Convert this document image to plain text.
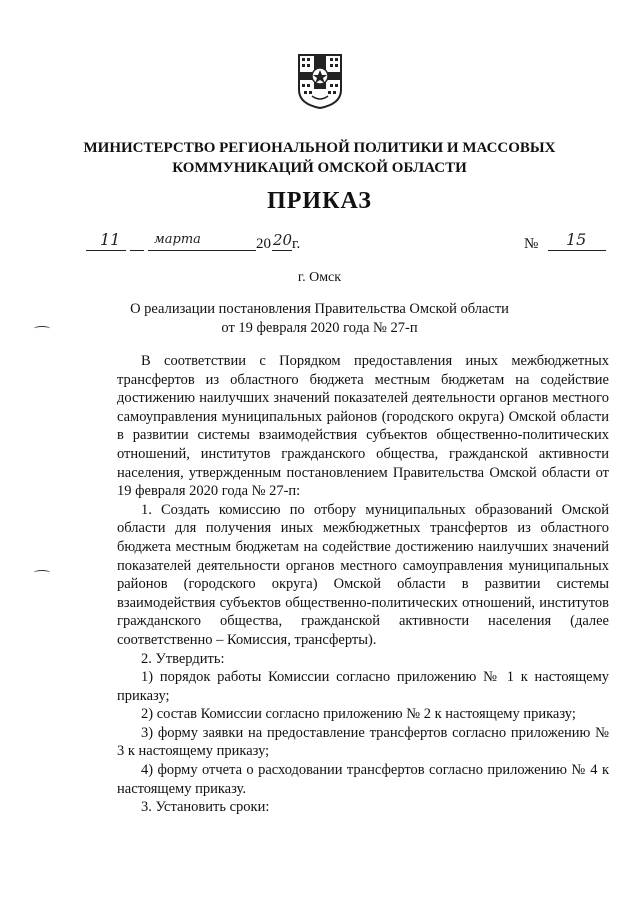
МИНИСТЕРСТВО РЕГИОНАЛЬНОЙ ПОЛИТИКИ И МАССОВЫХ
КОММУНИКАЦИЙ ОМСКОЙ ОБЛАСТИ
ПРИКАЗ
11	марта	20 20 г.	№ 15
г. Омск
О реализации постановления Правительства Омской области
от 19 февраля 2020 года № 27-п

В соответствии с Порядком предоставления иных межбюджетных трансфертов из областного бюджета местным бюджетам на содействие достижению наилучших значений показателей деятельности органов местного самоуправления муниципальных районов (городского округа) Омской области в развитии системы взаимодействия субъектов общественно-политических отношений, институтов гражданского общества, гражданской активности населения, утвержденным постановлением Правительства Омской области от 19 февраля 2020 года № 27-п:

1. Создать комиссию по отбору муниципальных образований Омской области для получения иных межбюджетных трансфертов из областного бюджета местным бюджетам на содействие достижению наилучших значений показателей деятельности органов местного самоуправления муниципальных районов (городского округа) Омской области в развитии системы взаимодействия субъектов общественно-политических отношений, институтов гражданского общества, гражданской активности населения (далее соответственно – Комиссия, трансферты).

2. Утвердить:

1) порядок работы Комиссии согласно приложению № 1 к настоящему приказу;

2) состав Комиссии согласно приложению № 2 к настоящему приказу;

3) форму заявки на предоставление трансфертов согласно приложению № 3 к настоящему приказу;

4) форму отчета о расходовании трансфертов согласно приложению № 4 к настоящему приказу.

3. Установить сроки:
